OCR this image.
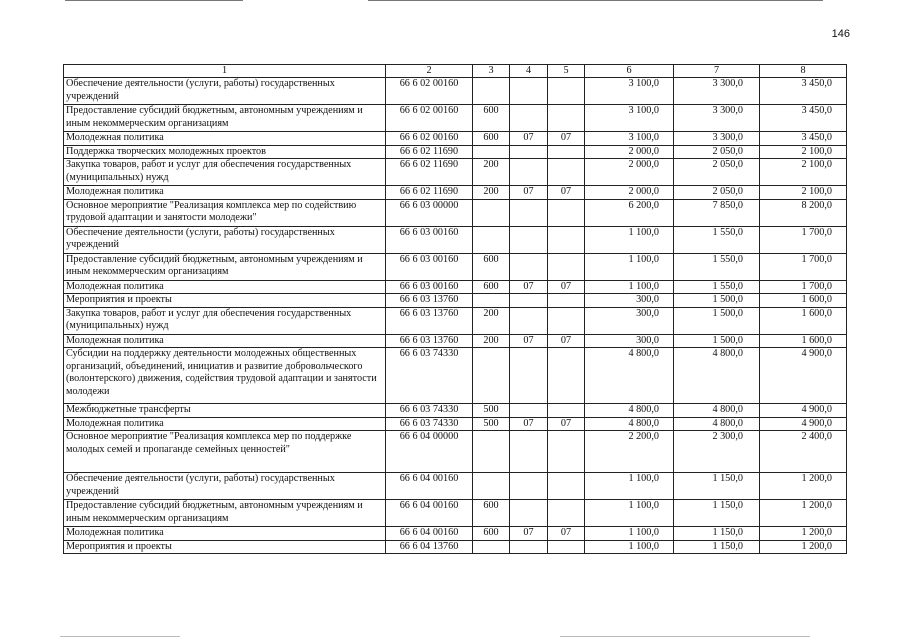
146
1	2	3	4	5	6	7	8
Обеспечение деятельности (услуги, работы) государственных учреждений	66 6 02 00160				3 100,0	3 300,0	3 450,0
Предоставление субсидий бюджетным, автономным учреждениям и иным некоммерческим организациям	66 6 02 00160	600			3 100,0	3 300,0	3 450,0
Молодежная политика	66 6 02 00160	600	07	07	3 100,0	3 300,0	3 450,0
Поддержка творческих молодежных проектов	66 6 02 11690				2 000,0	2 050,0	2 100,0
Закупка товаров, работ и услуг для обеспечения государственных (муниципальных) нужд	66 6 02 11690	200			2 000,0	2 050,0	2 100,0
Молодежная политика	66 6 02 11690	200	07	07	2 000,0	2 050,0	2 100,0
Основное мероприятие "Реализация комплекса мер по содействию трудовой адаптации и занятости молодежи"	66 6 03 00000				6 200,0	7 850,0	8 200,0
Обеспечение деятельности (услуги, работы) государственных учреждений	66 6 03 00160				1 100,0	1 550,0	1 700,0
Предоставление субсидий бюджетным, автономным учреждениям и иным некоммерческим организациям	66 6 03 00160	600			1 100,0	1 550,0	1 700,0
Молодежная политика	66 6 03 00160	600	07	07	1 100,0	1 550,0	1 700,0
Мероприятия и проекты	66 6 03 13760				300,0	1 500,0	1 600,0
Закупка товаров, работ и услуг для обеспечения государственных (муниципальных) нужд	66 6 03 13760	200			300,0	1 500,0	1 600,0
Молодежная политика	66 6 03 13760	200	07	07	300,0	1 500,0	1 600,0
Субсидии на поддержку деятельности молодежных общественных организаций, объединений, инициатив и развитие добровольческого (волонтерского) движения, содействия трудовой адаптации и занятости молодежи	66 6 03 74330				4 800,0	4 800,0	4 900,0
Межбюджетные трансферты	66 6 03 74330	500			4 800,0	4 800,0	4 900,0
Молодежная политика	66 6 03 74330	500	07	07	4 800,0	4 800,0	4 900,0
Основное мероприятие "Реализация комплекса мер по поддержке молодых семей и пропаганде семейных ценностей"	66 6 04 00000				2 200,0	2 300,0	2 400,0
Обеспечение деятельности (услуги, работы) государственных учреждений	66 6 04 00160				1 100,0	1 150,0	1 200,0
Предоставление субсидий бюджетным, автономным учреждениям и иным некоммерческим организациям	66 6 04 00160	600			1 100,0	1 150,0	1 200,0
Молодежная политика	66 6 04 00160	600	07	07	1 100,0	1 150,0	1 200,0
Мероприятия и проекты	66 6 04 13760				1 100,0	1 150,0	1 200,0
